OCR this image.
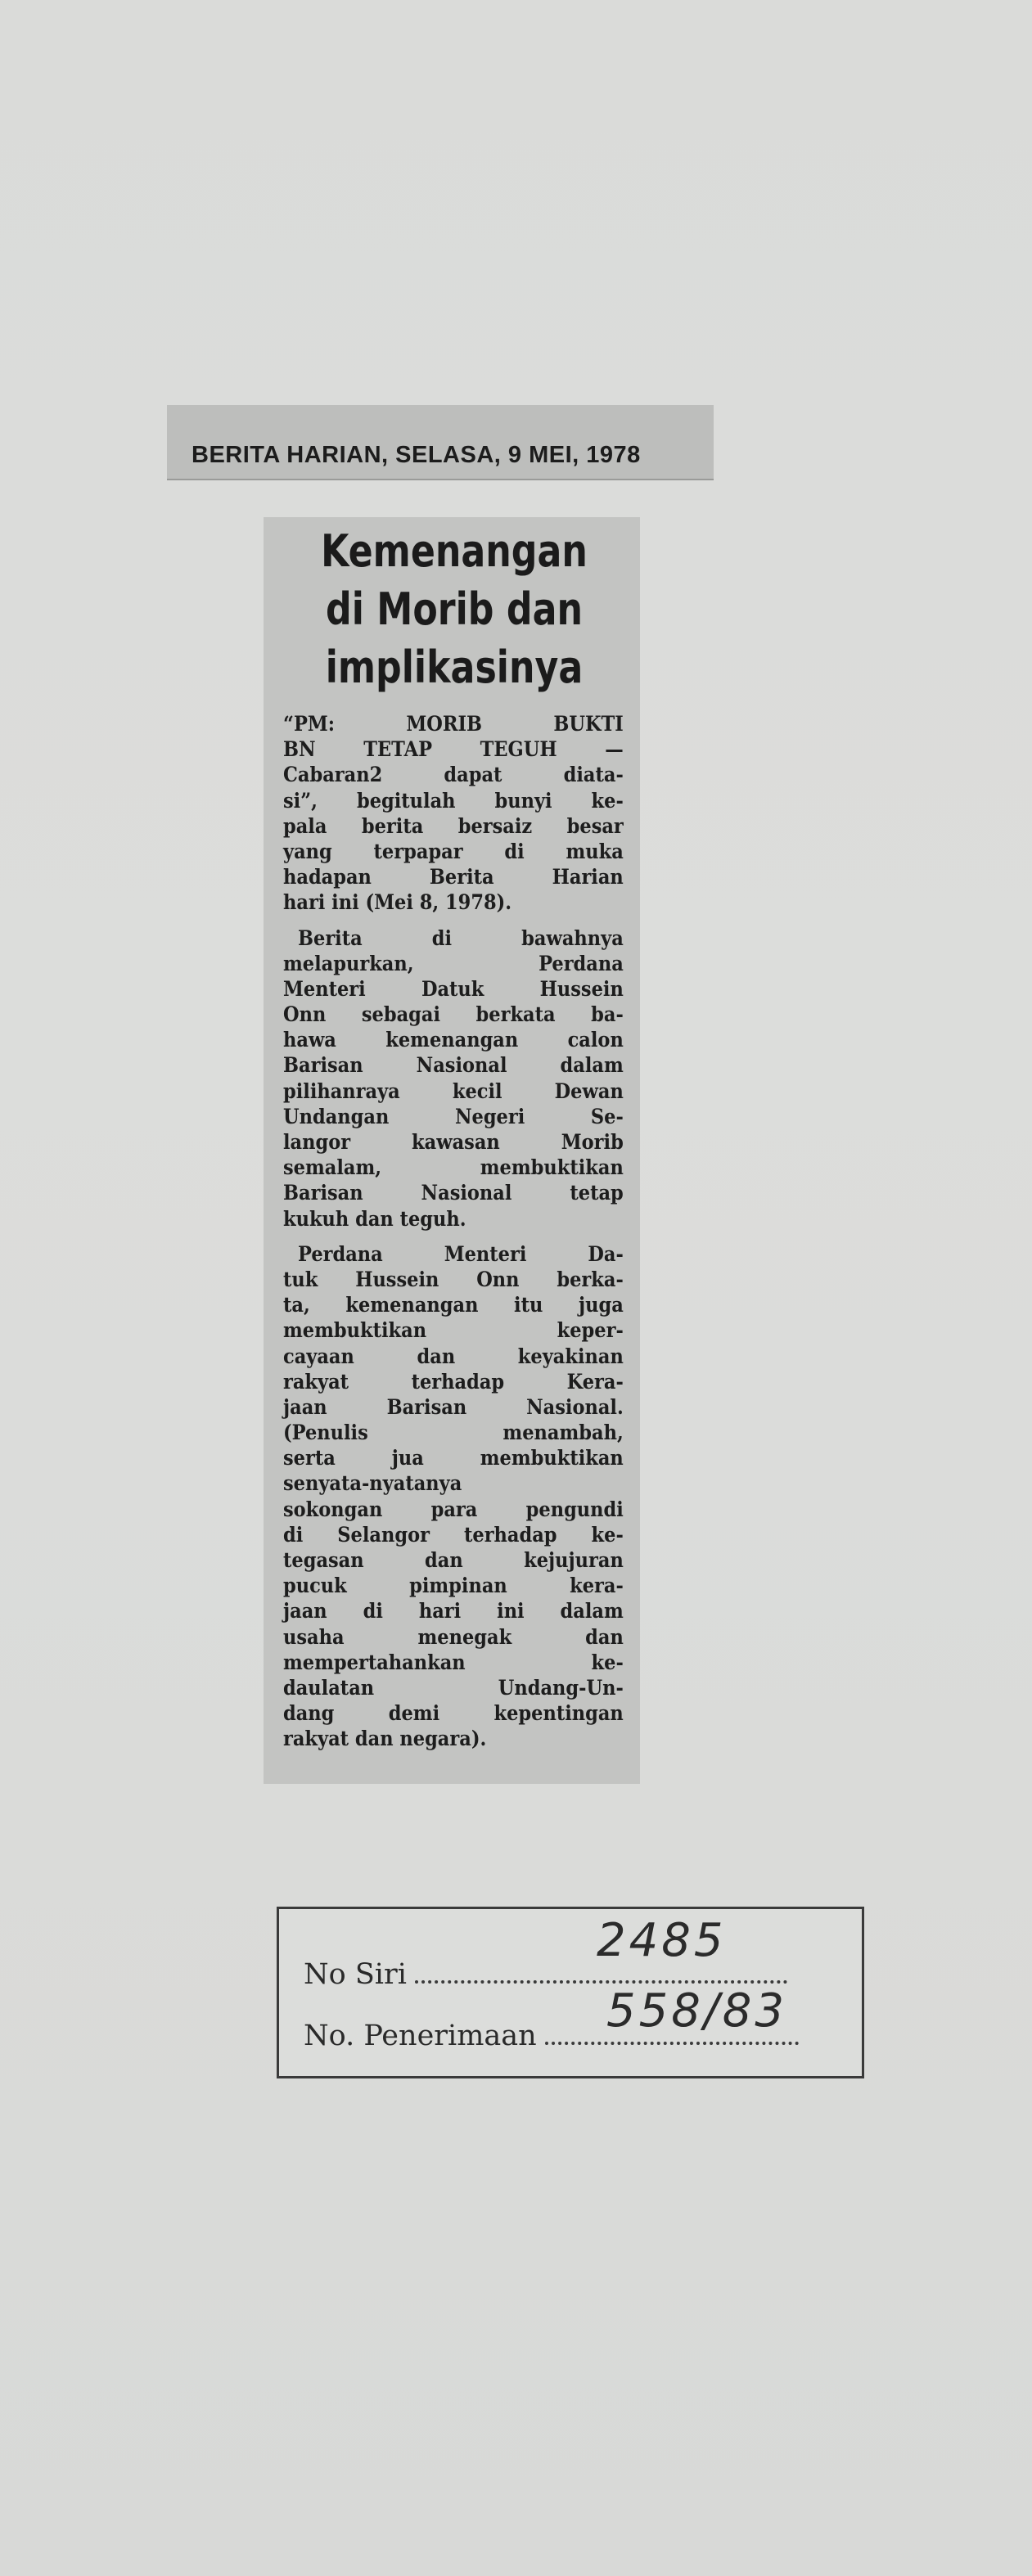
BERITA HARIAN, SELASA, 9 MEI, 1978
Kemenangan
di Morib dan
implikasinya
“PM: MORIB BUKTI
BN TETAP TEGUH —
Cabaran2 dapat diata-
si”, begitulah bunyi ke-
pala berita bersaiz besar
yang terpapar di muka
hadapan Berita Harian
hari ini (Mei 8, 1978).
Berita di bawahnya
melapurkan, Perdana
Menteri Datuk Hussein
Onn sebagai berkata ba-
hawa kemenangan calon
Barisan Nasional dalam
pilihanraya kecil Dewan
Undangan Negeri Se-
langor kawasan Morib
semalam, membuktikan
Barisan Nasional tetap
kukuh dan teguh.
Perdana Menteri Da-
tuk Hussein Onn berka-
ta, kemenangan itu juga
membuktikan keper-
cayaan dan keyakinan
rakyat terhadap Kera-
jaan Barisan Nasional.
(Penulis menambah,
serta jua membuktikan
senyata-nyatanya
sokongan para pengundi
di Selangor terhadap ke-
tegasan dan kejujuran
pucuk pimpinan kera-
jaan di hari ini dalam
usaha menegak dan
mempertahankan ke-
daulatan Undang-Un-
dang demi kepentingan
rakyat dan negara).
No Siri
No. Penerimaan
2485
558/83
